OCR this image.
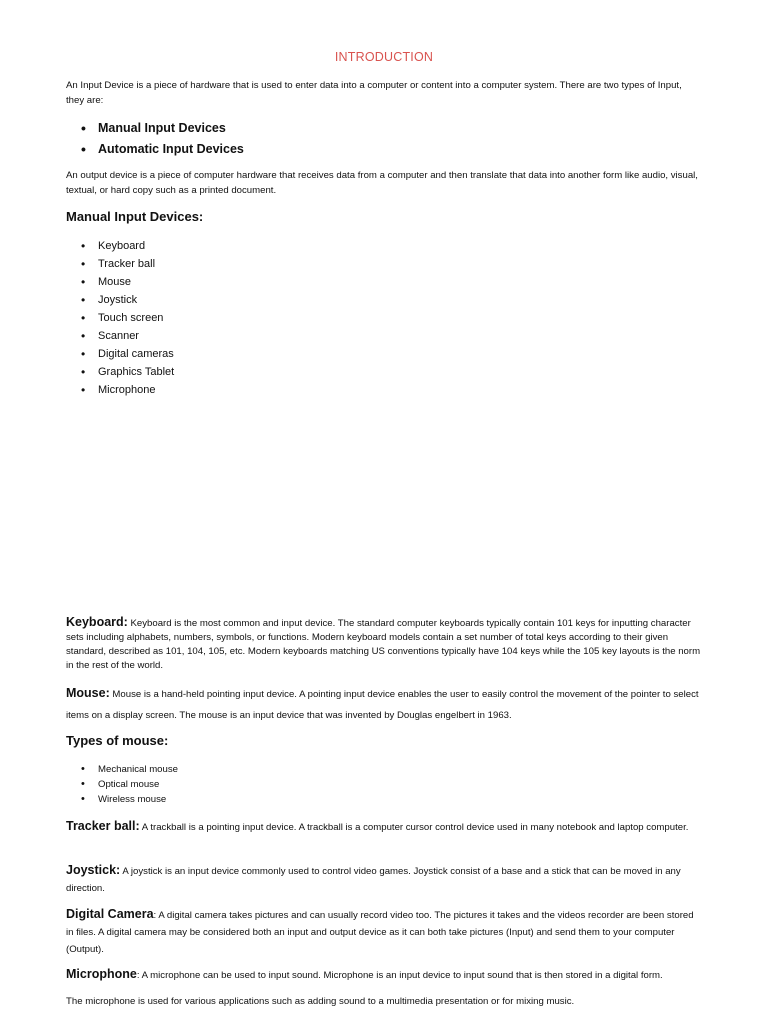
INTRODUCTION

An Input Device is a piece of hardware that is used to enter data into a computer or content into a computer system. There are two types of Input, they are:

• Manual Input Devices
• Automatic Input Devices

An output device is a piece of computer hardware that receives data from a computer and then translate that data into another form like audio, visual, textual, or hard copy such as a printed document.

Manual Input Devices:
• Keyboard
• Tracker ball
• Mouse
• Joystick
• Touch screen
• Scanner
• Digital cameras
• Graphics Tablet
• Microphone

Keyboard: Keyboard is the most common and input device. The standard computer keyboards typically contain 101 keys for inputting character sets including alphabets, numbers, symbols, or functions. Modern keyboard models contain a set number of total keys according to their given standard, described as 101, 104, 105, etc. Modern keyboards matching US conventions typically have 104 keys while the 105 key layouts is the norm in the rest of the world.

Mouse: Mouse is a hand-held pointing input device. A pointing input device enables the user to easily control the movement of the pointer to select items on a display screen. The mouse is an input device that was invented by Douglas engelbert in 1963.

Types of mouse:
• Mechanical mouse
• Optical mouse
• Wireless mouse

Tracker ball: A trackball is a pointing input device. A trackball is a computer cursor control device used in many notebook and laptop computer.

Joystick: A joystick is an input device commonly used to control video games. Joystick consist of a base and a stick that can be moved in any direction.

Digital Camera: A digital camera takes pictures and can usually record video too. The pictures it takes and the videos recorder are been stored in files. A digital camera may be considered both an input and output device as it can both take pictures (Input) and send them to your computer (Output).

Microphone: A microphone can be used to input sound. Microphone is an input device to input sound that is then stored in a digital form.

The microphone is used for various applications such as adding sound to a multimedia presentation or for mixing music.
